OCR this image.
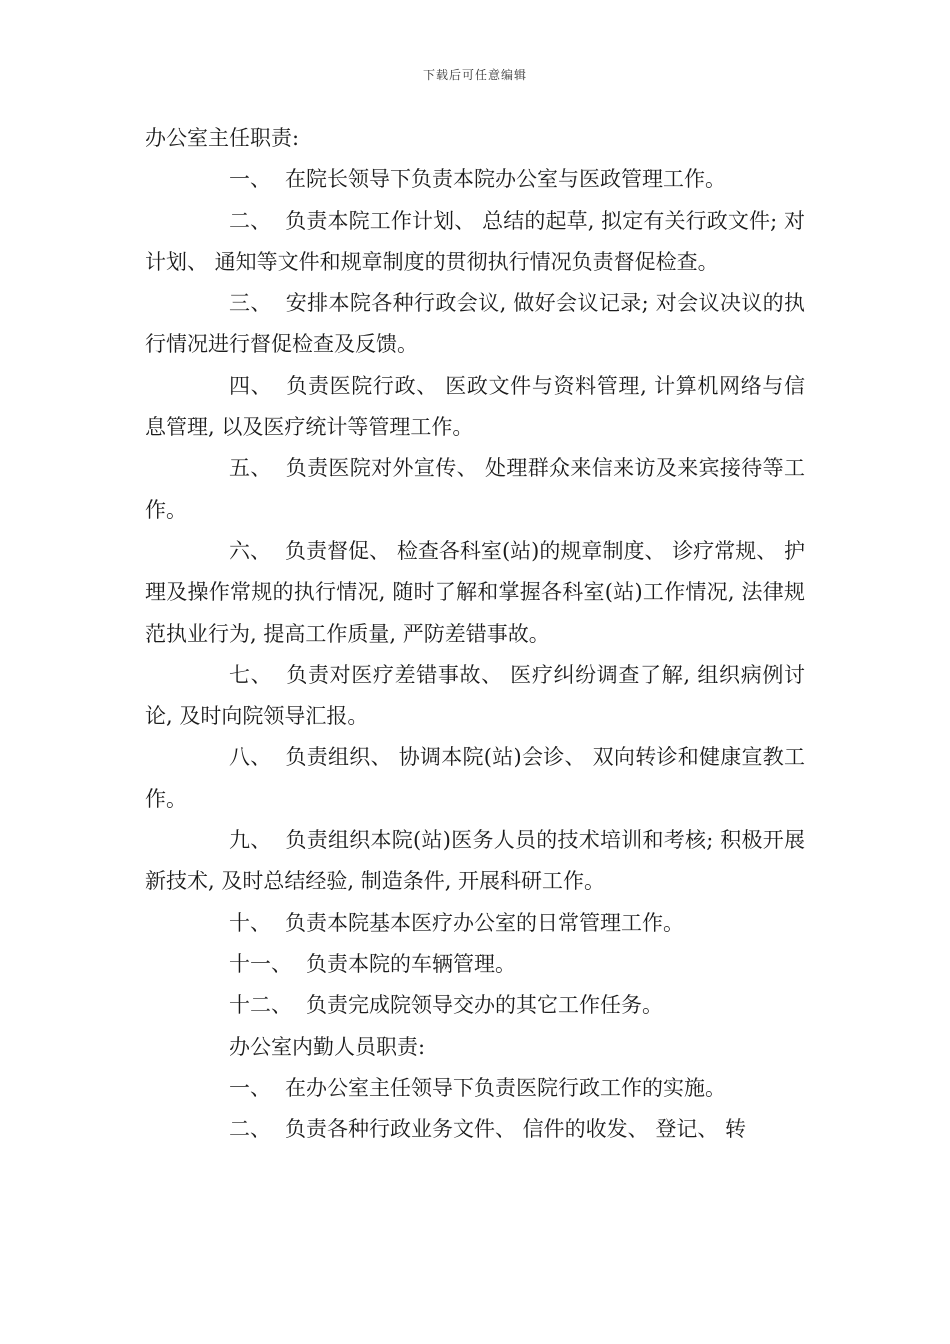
下载后可任意编辑

办公室主任职责:

一、 在院长领导下负责本院办公室与医政管理工作。

二、 负责本院工作计划、 总结的起草, 拟定有关行政文件; 对计划、 通知等文件和规章制度的贯彻执行情况负责督促检查。

三、 安排本院各种行政会议, 做好会议记录; 对会议决议的执行情况进行督促检查及反馈。

四、 负责医院行政、 医政文件与资料管理, 计算机网络与信息管理, 以及医疗统计等管理工作。

五、 负责医院对外宣传、 处理群众来信来访及来宾接待等工作。

六、 负责督促、 检查各科室(站)的规章制度、 诊疗常规、 护理及操作常规的执行情况, 随时了解和掌握各科室(站)工作情况, 法律规范执业行为, 提高工作质量, 严防差错事故。

七、 负责对医疗差错事故、 医疗纠纷调查了解, 组织病例讨论, 及时向院领导汇报。

八、 负责组织、 协调本院(站)会诊、 双向转诊和健康宣教工作。

九、 负责组织本院(站)医务人员的技术培训和考核; 积极开展新技术, 及时总结经验, 制造条件, 开展科研工作。

十、 负责本院基本医疗办公室的日常管理工作。

十一、 负责本院的车辆管理。

十二、 负责完成院领导交办的其它工作任务。

办公室内勤人员职责:

一、 在办公室主任领导下负责医院行政工作的实施。

二、 负责各种行政业务文件、 信件的收发、 登记、 转
